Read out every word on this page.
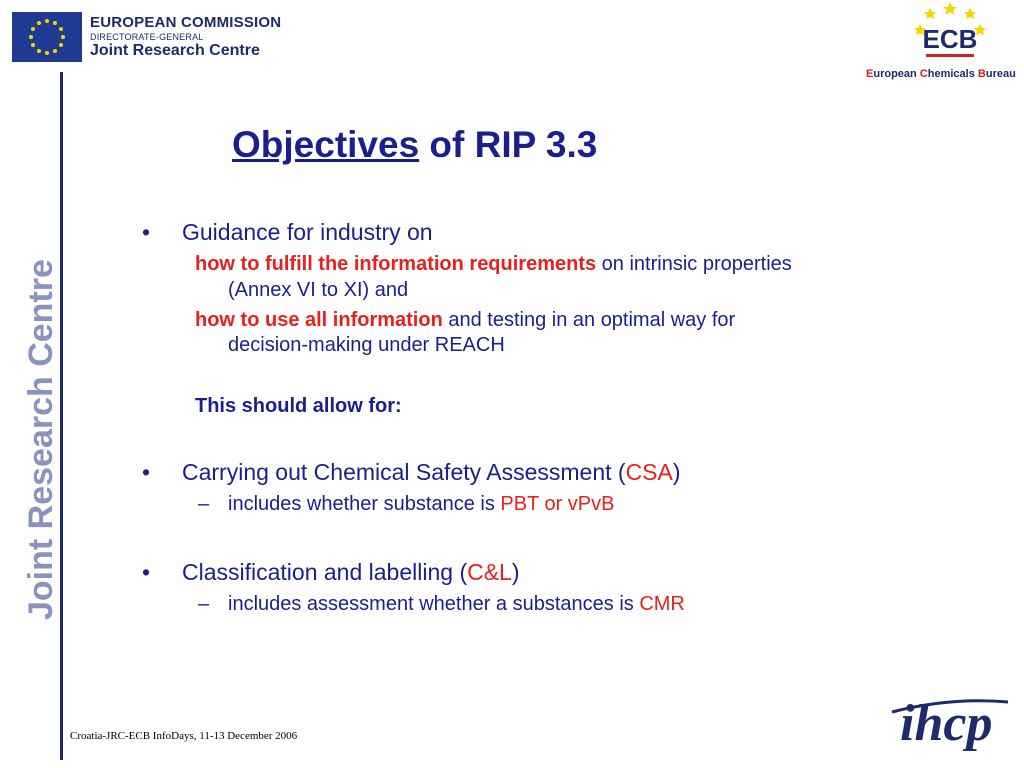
EUROPEAN COMMISSION
DIRECTORATE-GENERAL
Joint Research Centre	ECB
European Chemicals Bureau
Joint Research Centre
Objectives of RIP 3.3
• Guidance for industry on
how to fulfill the information requirements on intrinsic properties
(Annex VI to XI) and
how to use all information and testing in an optimal way for
decision-making under REACH
This should allow for:
• Carrying out Chemical Safety Assessment (CSA)
– includes whether substance is PBT or vPvB
• Classification and labelling (C&L)
– includes assessment whether a substances is CMR
Croatia-JRC-ECB InfoDays, 11-13 December 2006	ihcp
